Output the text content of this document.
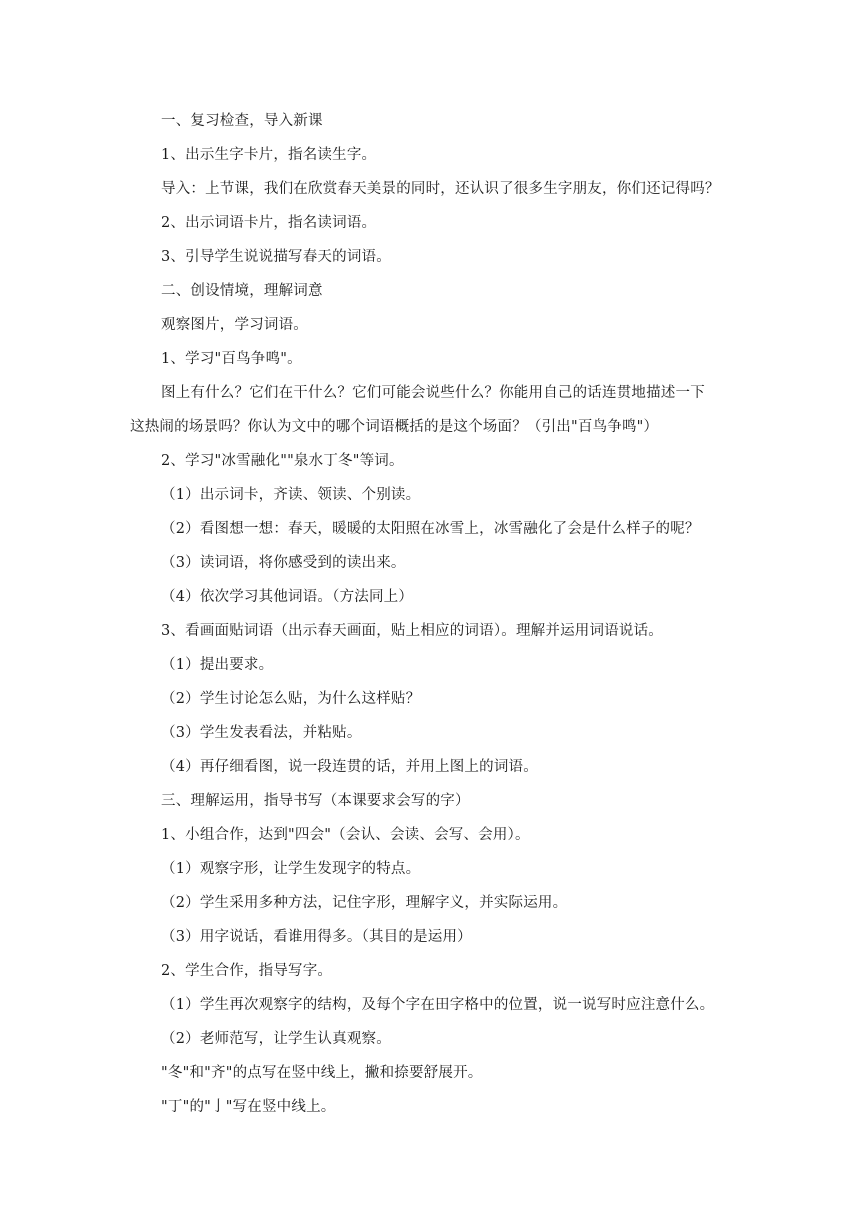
一、复习检查，导入新课
1、出示生字卡片，指名读生字。
导入：上节课，我们在欣赏春天美景的同时，还认识了很多生字朋友，你们还记得吗？
2、出示词语卡片，指名读词语。
3、引导学生说说描写春天的词语。
二、创设情境，理解词意
观察图片，学习词语。
1、学习"百鸟争鸣"。
图上有什么？它们在干什么？它们可能会说些什么？你能用自己的话连贯地描述一下
这热闹的场景吗？你认为文中的哪个词语概括的是这个场面？（引出"百鸟争鸣"）
2、学习"冰雪融化""泉水丁冬"等词。
（1）出示词卡，齐读、领读、个别读。
（2）看图想一想：春天，暖暖的太阳照在冰雪上，冰雪融化了会是什么样子的呢？
（3）读词语，将你感受到的读出来。
（4）依次学习其他词语。（方法同上）
3、看画面贴词语（出示春天画面，贴上相应的词语）。理解并运用词语说话。
（1）提出要求。
（2）学生讨论怎么贴，为什么这样贴？
（3）学生发表看法，并粘贴。
（4）再仔细看图，说一段连贯的话，并用上图上的词语。
三、理解运用，指导书写（本课要求会写的字）
1、小组合作，达到"四会"（会认、会读、会写、会用）。
（1）观察字形，让学生发现字的特点。
（2）学生采用多种方法，记住字形，理解字义，并实际运用。
（3）用字说话，看谁用得多。（其目的是运用）
2、学生合作，指导写字。
（1）学生再次观察字的结构，及每个字在田字格中的位置，说一说写时应注意什么。
（2）老师范写，让学生认真观察。
"冬"和"齐"的点写在竖中线上，撇和捺要舒展开。
"丁"的"亅"写在竖中线上。
